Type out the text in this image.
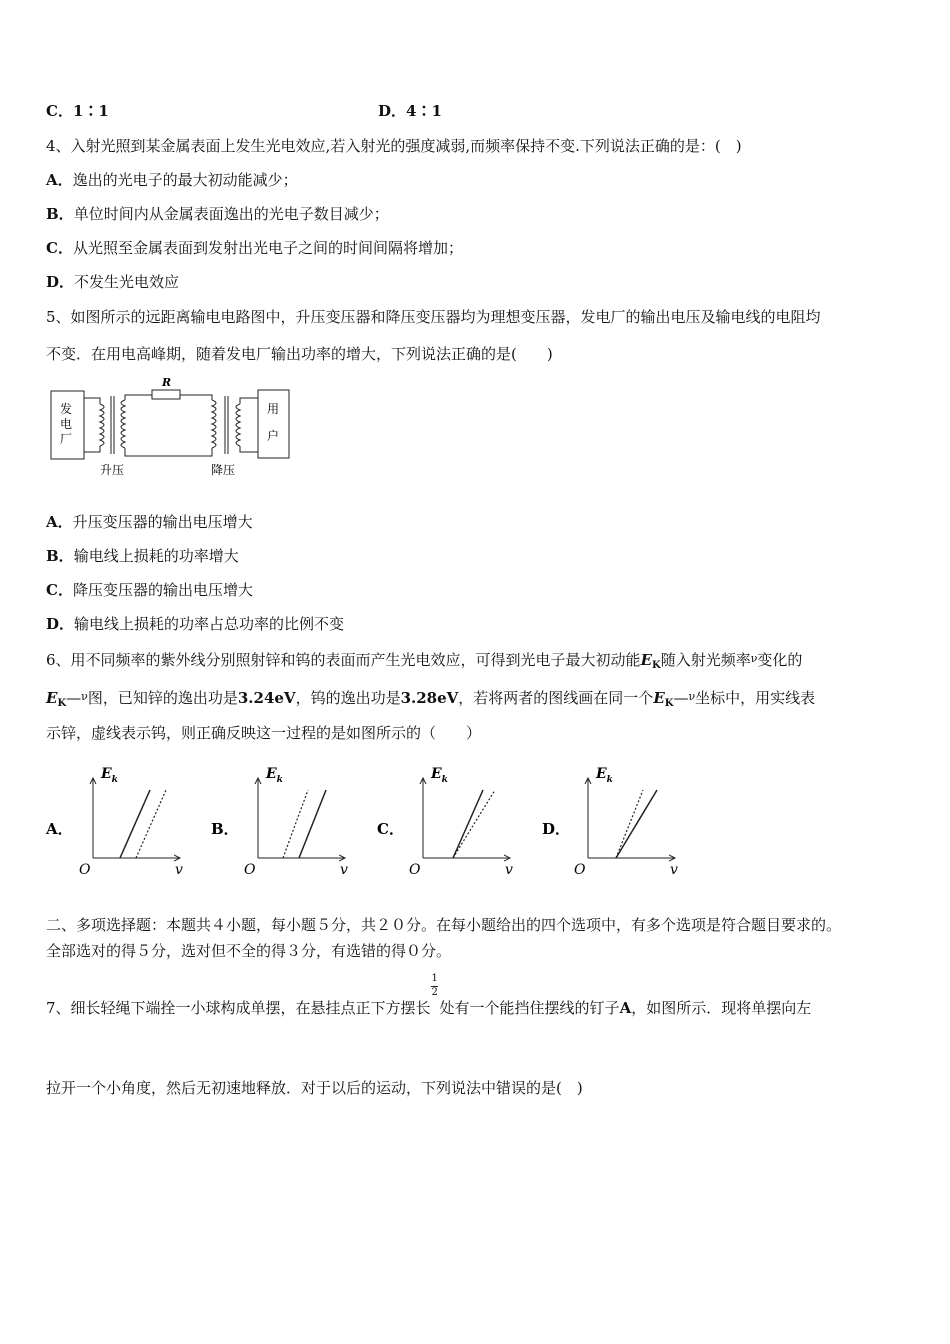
C．1∶1	D．4∶1
4、入射光照到某金属表面上发生光电效应,若入射光的强度减弱,而频率保持不变.下列说法正确的是：(　)
A．逸出的光电子的最大初动能减少；
B．单位时间内从金属表面逸出的光电子数目减少；
C．从光照至金属表面到发射出光电子之间的时间间隔将增加；
D．不发生光电效应
5、如图所示的远距离输电电路图中，升压变压器和降压变压器均为理想变压器，发电厂的输出电压及输电线的电阻均
不变．在用电高峰期，随着发电厂输出功率的增大，下列说法正确的是(　　)
发
电
厂
R
用
户
升压	降压
A．升压变压器的输出电压增大
B．输电线上损耗的功率增大
C．降压变压器的输出电压增大
D．输电线上损耗的功率占总功率的比例不变
6、用不同频率的紫外线分别照射锌和钨的表面而产生光电效应，可得到光电子最大初动能$E_K$随入射光频率$^\nu$变化的
$E_K—^\nu$图，已知锌的逸出功是3.24eV，钨的逸出功是3.28eV，若将两者的图线画在同一个$E_K—^\nu$坐标中，用实线表
示锌，虚线表示钨，则正确反映这一过程的是如图所示的（　　）
A．
$E_k$
O	v
B．
$E_k$
O	v
C．
$E_k$
O	v
D．
$E_k$
O	v
二、多项选择题：本题共４小题，每小题５分，共２０分。在每小题给出的四个选项中，有多个选项是符合题目要求的。
全部选对的得５分，选对但不全的得３分，有选错的得０分。
7、细长轻绳下端拴一小球构成单摆，在悬挂点正下方摆长 $\frac{1}{2}$ 处有一个能挡住摆线的钉子A，如图所示．现将单摆向左
拉开一个小角度，然后无初速地释放．对于以后的运动，下列说法中错误的是(　)
